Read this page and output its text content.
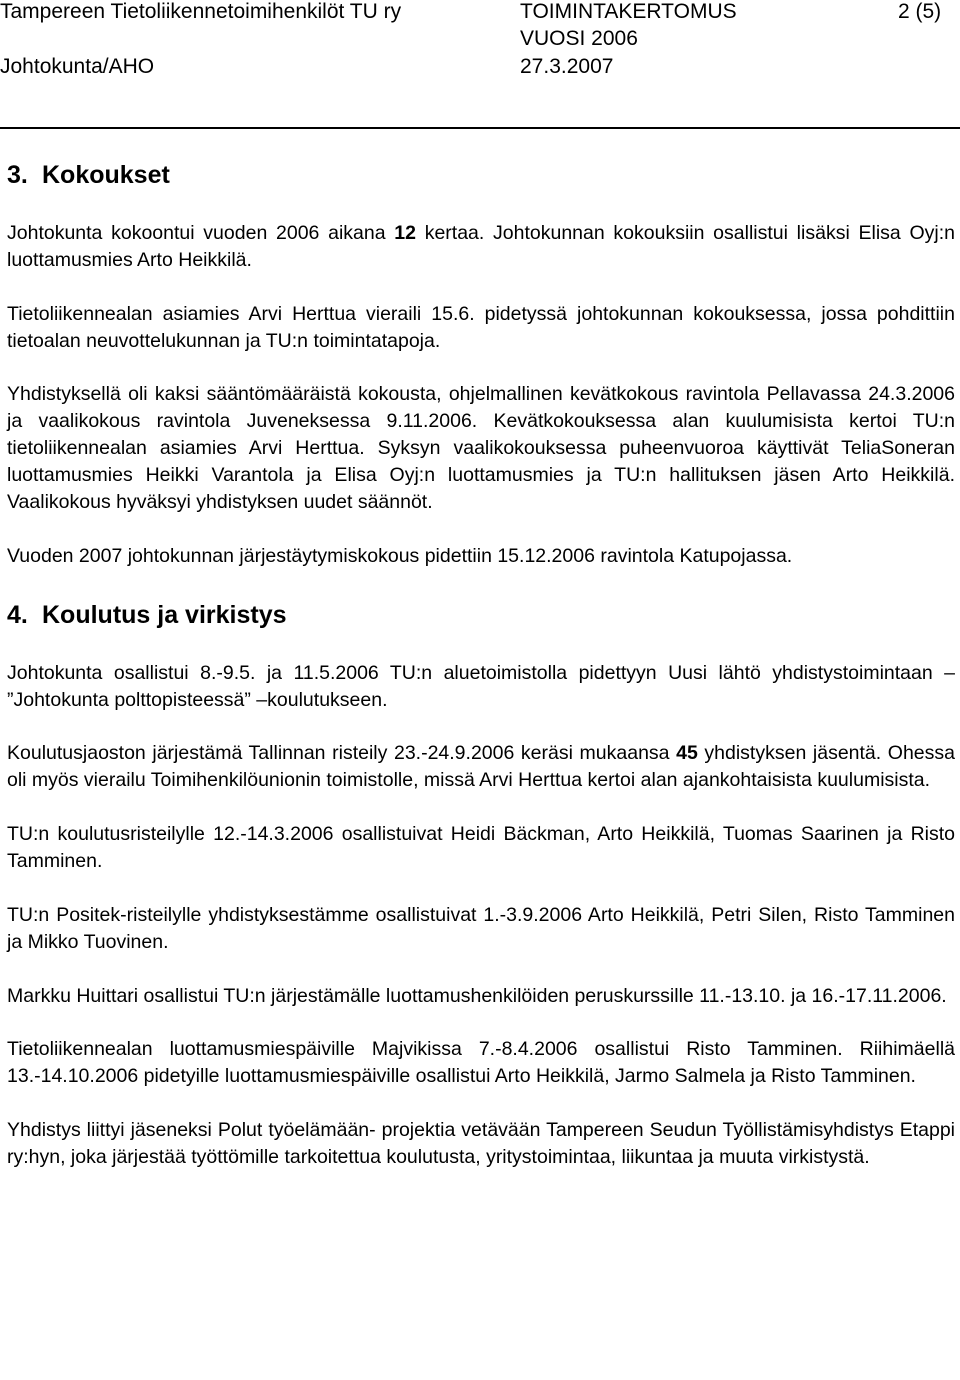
Tampereen Tietoliikennetoimihenkilöt TU ry	TOIMINTAKERTOMUS	2 (5)
VUOSI 2006
Johtokunta/AHO	27.3.2007
3. Kokoukset

Johtokunta kokoontui vuoden 2006 aikana 12 kertaa. Johtokunnan kokouksiin osallistui lisäksi Elisa Oyj:n luottamusmies Arto Heikkilä.

Tietoliikennealan asiamies Arvi Herttua vieraili 15.6. pidetyssä johtokunnan kokouksessa, jossa pohdittiin tietoalan neuvottelukunnan ja TU:n toimintatapoja.

Yhdistyksellä oli kaksi sääntömääräistä kokousta, ohjelmallinen kevätkokous ravintola Pellavassa 24.3.2006 ja vaalikokous ravintola Juveneksessa 9.11.2006. Kevätkokouksessa alan kuulumisista kertoi TU:n tietoliikennealan asiamies Arvi Herttua. Syksyn vaalikokouksessa puheenvuoroa käyttivät TeliaSoneran luottamusmies Heikki Varantola ja Elisa Oyj:n luottamusmies ja TU:n hallituksen jäsen Arto Heikkilä. Vaalikokous hyväksyi yhdistyksen uudet säännöt.

Vuoden 2007 johtokunnan järjestäytymiskokous pidettiin 15.12.2006 ravintola Katupojassa.

4. Koulutus ja virkistys

Johtokunta osallistui 8.-9.5. ja 11.5.2006 TU:n aluetoimistolla pidettyyn Uusi lähtö yhdistystoimintaan – ”Johtokunta polttopisteessä” –koulutukseen.

Koulutusjaoston järjestämä Tallinnan risteily 23.-24.9.2006 keräsi mukaansa 45 yhdistyksen jäsentä. Ohessa oli myös vierailu Toimihenkilöunionin toimistolle, missä Arvi Herttua kertoi alan ajankohtaisista kuulumisista.

TU:n koulutusristeilylle 12.-14.3.2006 osallistuivat Heidi Bäckman, Arto Heikkilä, Tuomas Saarinen ja Risto Tamminen.

TU:n Positek-risteilylle yhdistyksestämme osallistuivat 1.-3.9.2006 Arto Heikkilä, Petri Silen, Risto Tamminen ja Mikko Tuovinen.

Markku Huittari osallistui TU:n järjestämälle luottamushenkilöiden peruskurssille 11.-13.10. ja 16.-17.11.2006.

Tietoliikennealan luottamusmiespäiville Majvikissa 7.-8.4.2006 osallistui Risto Tamminen. Riihimäellä 13.-14.10.2006 pidetyille luottamusmiespäiville osallistui Arto Heikkilä, Jarmo Salmela ja Risto Tamminen.

Yhdistys liittyi jäseneksi Polut työelämään- projektia vetävään Tampereen Seudun Työllistämisyhdistys Etappi ry:hyn, joka järjestää työttömille tarkoitettua koulutusta, yritystoimintaa, liikuntaa ja muuta virkistystä.
